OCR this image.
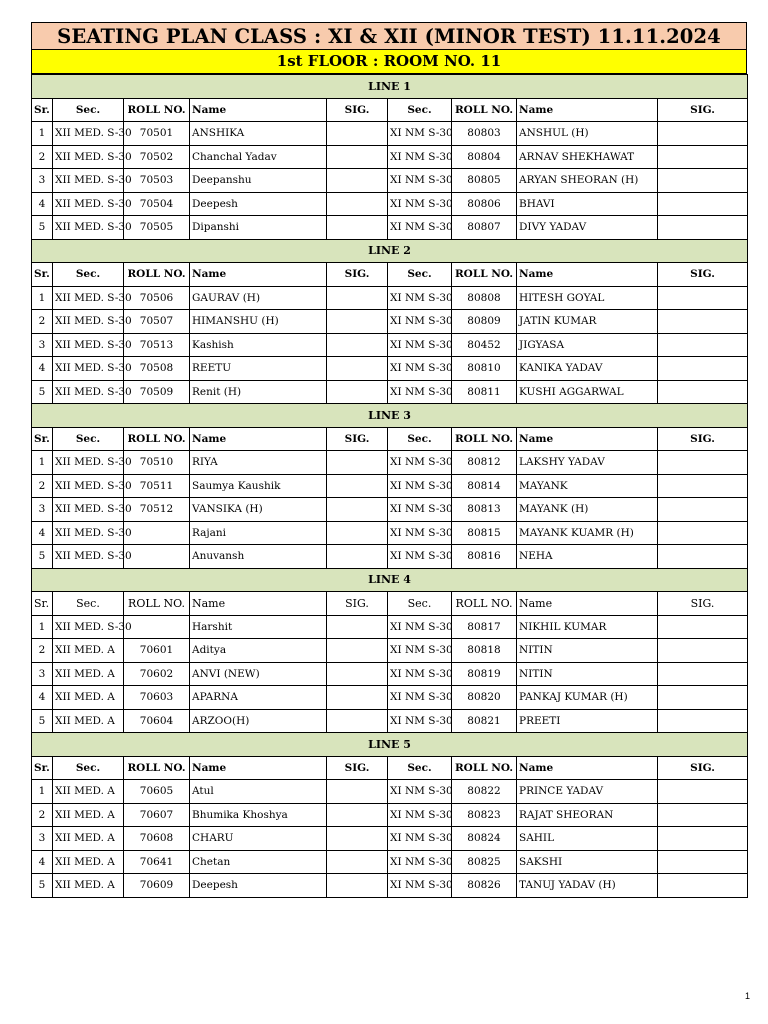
SEATING PLAN CLASS : XI & XII (MINOR TEST) 11.11.2024
1st FLOOR : ROOM NO. 11
LINE 1								
Sr.	Sec.	ROLL NO.	Name	SIG.	Sec.	ROLL NO.	Name	SIG.
1	XII MED. S-30	70501	ANSHIKA		XI NM S-30	80803	ANSHUL (H)	
2	XII MED. S-30	70502	Chanchal Yadav		XI NM S-30	80804	ARNAV SHEKHAWAT	
3	XII MED. S-30	70503	Deepanshu		XI NM S-30	80805	ARYAN SHEORAN (H)	
4	XII MED. S-30	70504	Deepesh		XI NM S-30	80806	BHAVI	
5	XII MED. S-30	70505	Dipanshi		XI NM S-30	80807	DIVY YADAV	
LINE 2								
Sr.	Sec.	ROLL NO.	Name	SIG.	Sec.	ROLL NO.	Name	SIG.
1	XII MED. S-30	70506	GAURAV (H)		XI NM S-30	80808	HITESH GOYAL	
2	XII MED. S-30	70507	HIMANSHU (H)		XI NM S-30	80809	JATIN KUMAR	
3	XII MED. S-30	70513	Kashish		XI NM S-30	80452	JIGYASA	
4	XII MED. S-30	70508	REETU		XI NM S-30	80810	KANIKA YADAV	
5	XII MED. S-30	70509	Renit (H)		XI NM S-30	80811	KUSHI AGGARWAL	
LINE 3								
Sr.	Sec.	ROLL NO.	Name	SIG.	Sec.	ROLL NO.	Name	SIG.
1	XII MED. S-30	70510	RIYA		XI NM S-30	80812	LAKSHY YADAV	
2	XII MED. S-30	70511	Saumya Kaushik		XI NM S-30	80814	MAYANK	
3	XII MED. S-30	70512	VANSIKA (H)		XI NM S-30	80813	MAYANK (H)	
4	XII MED. S-30		Rajani		XI NM S-30	80815	MAYANK KUAMR (H)	
5	XII MED. S-30		Anuvansh		XI NM S-30	80816	NEHA	
LINE 4								
Sr.	Sec.	ROLL NO.	Name	SIG.	Sec.	ROLL NO.	Name	SIG.
1	XII MED. S-30		Harshit		XI NM S-30	80817	NIKHIL KUMAR	
2	XII MED. A	70601	Aditya		XI NM S-30	80818	NITIN	
3	XII MED. A	70602	ANVI (NEW)		XI NM S-30	80819	NITIN	
4	XII MED. A	70603	APARNA		XI NM S-30	80820	PANKAJ KUMAR (H)	
5	XII MED. A	70604	ARZOO(H)		XI NM S-30	80821	PREETI	
LINE 5								
Sr.	Sec.	ROLL NO.	Name	SIG.	Sec.	ROLL NO.	Name	SIG.
1	XII MED. A	70605	Atul		XI NM S-30	80822	PRINCE YADAV	
2	XII MED. A	70607	Bhumika Khoshya		XI NM S-30	80823	RAJAT SHEORAN	
3	XII MED. A	70608	CHARU		XI NM S-30	80824	SAHIL	
4	XII MED. A	70641	Chetan		XI NM S-30	80825	SAKSHI	
5	XII MED. A	70609	Deepesh		XI NM S-30	80826	TANUJ YADAV (H)	
1
